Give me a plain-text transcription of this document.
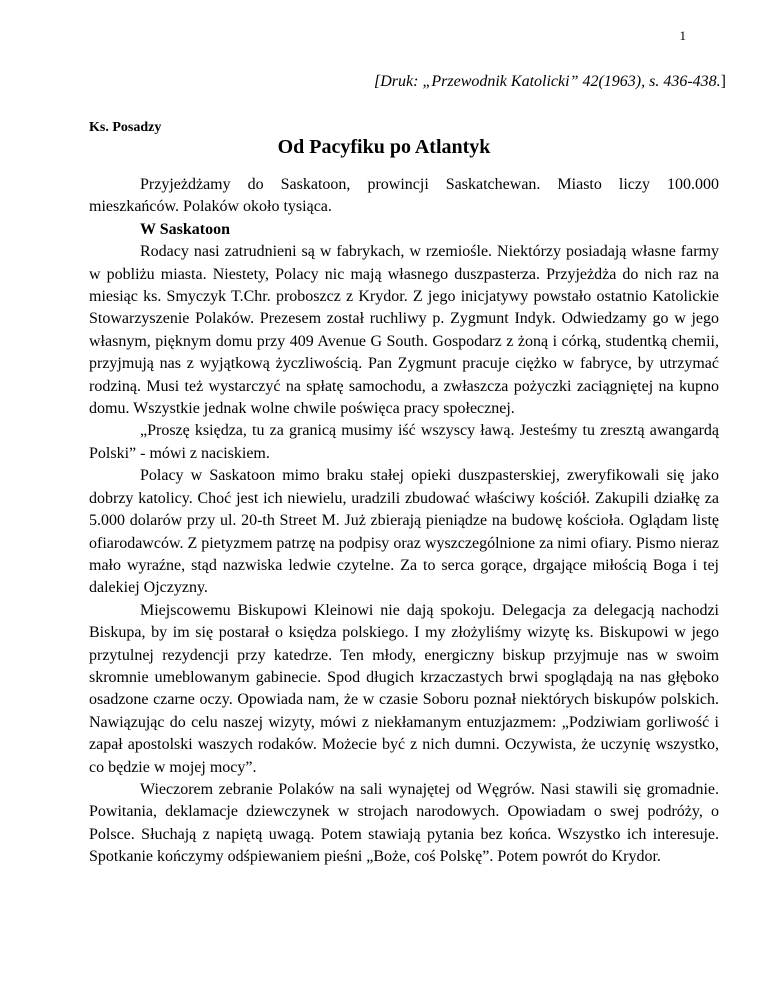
1
[Druk: „Przewodnik Katolicki” 42(1963), s. 436-438.]
Ks. Posadzy
Od Pacyfiku po Atlantyk

Przyjeżdżamy do Saskatoon, prowincji Saskatchewan. Miasto liczy 100.000 mieszkańców. Polaków około tysiąca.

W Saskatoon

Rodacy nasi zatrudnieni są w fabrykach, w rzemiośle. Niektórzy posiadają własne farmy w pobliżu miasta. Niestety, Polacy nic mają własnego duszpasterza. Przyjeżdża do nich raz na miesiąc ks. Smyczyk T.Chr. proboszcz z Krydor. Z jego inicjatywy powstało ostatnio Katolickie Stowarzyszenie Polaków. Prezesem został ruchliwy p. Zygmunt Indyk. Odwiedzamy go w jego własnym, pięknym domu przy 409 Avenue G South. Gospodarz z żoną i córką, studentką chemii, przyjmują nas z wyjątkową życzliwością. Pan Zygmunt pracuje ciężko w fabryce, by utrzymać rodziną. Musi też wystarczyć na spłatę samochodu, a zwłaszcza pożyczki zaciągniętej na kupno domu. Wszystkie jednak wolne chwile poświęca pracy społecznej.

„Proszę księdza, tu za granicą musimy iść wszyscy ławą. Jesteśmy tu zresztą awangardą Polski” - mówi z naciskiem.

Polacy w Saskatoon mimo braku stałej opieki duszpasterskiej, zweryfikowali się jako dobrzy katolicy. Choć jest ich niewielu, uradzili zbudować właściwy kościół. Zakupili działkę za 5.000 dolarów przy ul. 20-th Street M. Już zbierają pieniądze na budowę kościoła. Oglądam listę ofiarodawców. Z pietyzmem patrzę na podpisy oraz wyszczególnione za nimi ofiary. Pismo nieraz mało wyraźne, stąd nazwiska ledwie czytelne. Za to serca gorące, drgające miłością Boga i tej dalekiej Ojczyzny.

Miejscowemu Biskupowi Kleinowi nie dają spokoju. Delegacja za delegacją nachodzi Biskupa, by im się postarał o księdza polskiego. I my złożyliśmy wizytę ks. Biskupowi w jego przytulnej rezydencji przy katedrze. Ten młody, energiczny biskup przyjmuje nas w swoim skromnie umeblowanym gabinecie. Spod długich krzaczastych brwi spoglądają na nas głęboko osadzone czarne oczy. Opowiada nam, że w czasie Soboru poznał niektórych biskupów polskich. Nawiązując do celu naszej wizyty, mówi z niekłamanym entuzjazmem: „Podziwiam gorliwość i zapał apostolski waszych rodaków. Możecie być z nich dumni. Oczywista, że uczynię wszystko, co będzie w mojej mocy”.

Wieczorem zebranie Polaków na sali wynajętej od Węgrów. Nasi stawili się gromadnie. Powitania, deklamacje dziewczynek w strojach narodowych. Opowiadam o swej podróży, o Polsce. Słuchają z napiętą uwagą. Potem stawiają pytania bez końca. Wszystko ich interesuje. Spotkanie kończymy odśpiewaniem pieśni „Boże, coś Polskę”. Potem powrót do Krydor.
